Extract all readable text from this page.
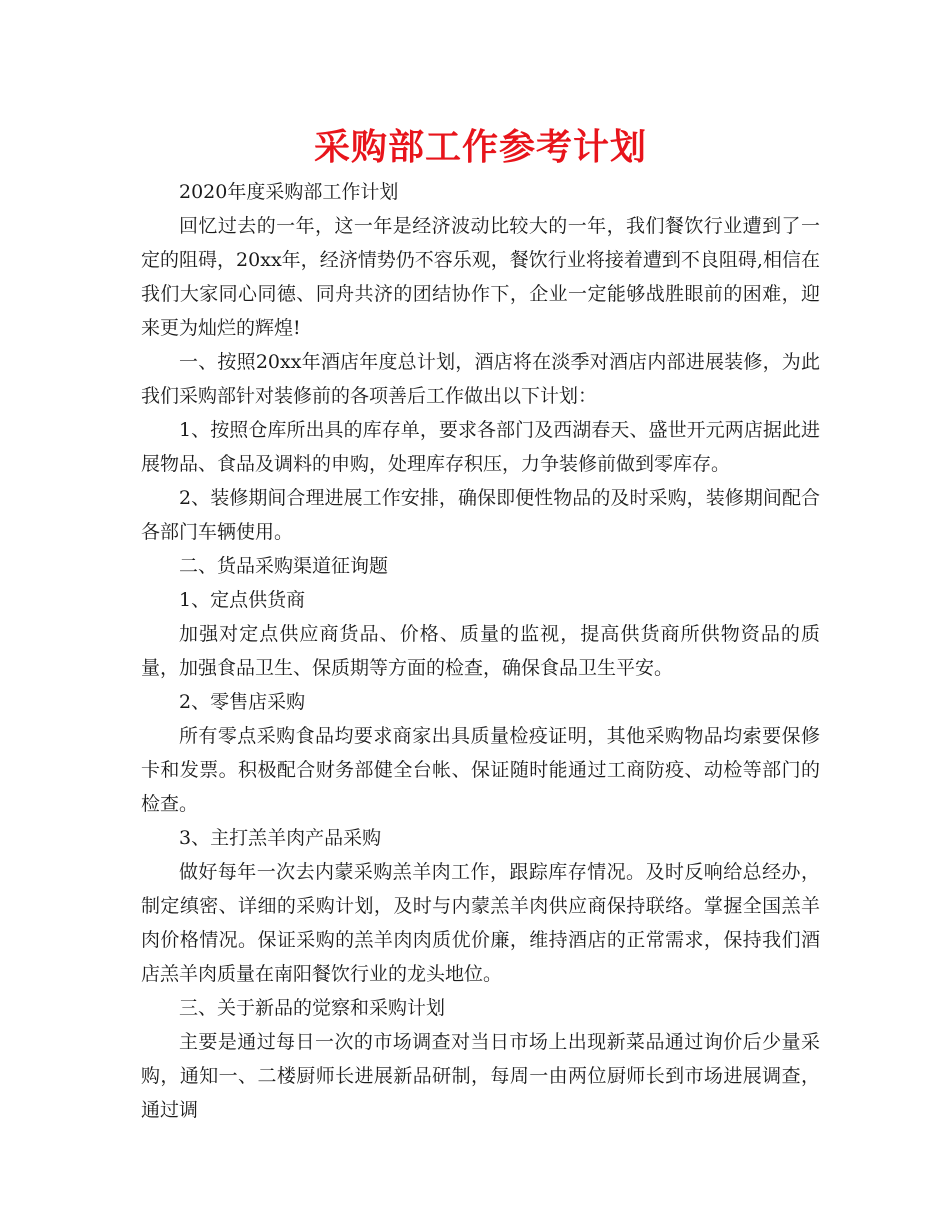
采购部工作参考计划

2020年度采购部工作计划

回忆过去的一年，这一年是经济波动比较大的一年，我们餐饮行业遭到了一定的阻碍，20xx年，经济情势仍不容乐观，餐饮行业将接着遭到不良阻碍,相信在我们大家同心同德、同舟共济的团结协作下，企业一定能够战胜眼前的困难，迎来更为灿烂的辉煌!

一、按照20xx年酒店年度总计划，酒店将在淡季对酒店内部进展装修，为此我们采购部针对装修前的各项善后工作做出以下计划：

1、按照仓库所出具的库存单，要求各部门及西湖春天、盛世开元两店据此进展物品、食品及调料的申购，处理库存积压，力争装修前做到零库存。

2、装修期间合理进展工作安排，确保即便性物品的及时采购，装修期间配合各部门车辆使用。

二、货品采购渠道征询题

1、定点供货商

加强对定点供应商货品、价格、质量的监视，提高供货商所供物资品的质量，加强食品卫生、保质期等方面的检查，确保食品卫生平安。

2、零售店采购

所有零点采购食品均要求商家出具质量检疫证明，其他采购物品均索要保修卡和发票。积极配合财务部健全台帐、保证随时能通过工商防疫、动检等部门的检查。

3、主打羔羊肉产品采购

做好每年一次去内蒙采购羔羊肉工作，跟踪库存情况。及时反响给总经办，制定缜密、详细的采购计划，及时与内蒙羔羊肉供应商保持联络。掌握全国羔羊肉价格情况。保证采购的羔羊肉肉质优价廉，维持酒店的正常需求，保持我们酒店羔羊肉质量在南阳餐饮行业的龙头地位。

三、关于新品的觉察和采购计划

主要是通过每日一次的市场调查对当日市场上出现新菜品通过询价后少量采购，通知一、二楼厨师长进展新品研制，每周一由两位厨师长到市场进展调查，通过调
